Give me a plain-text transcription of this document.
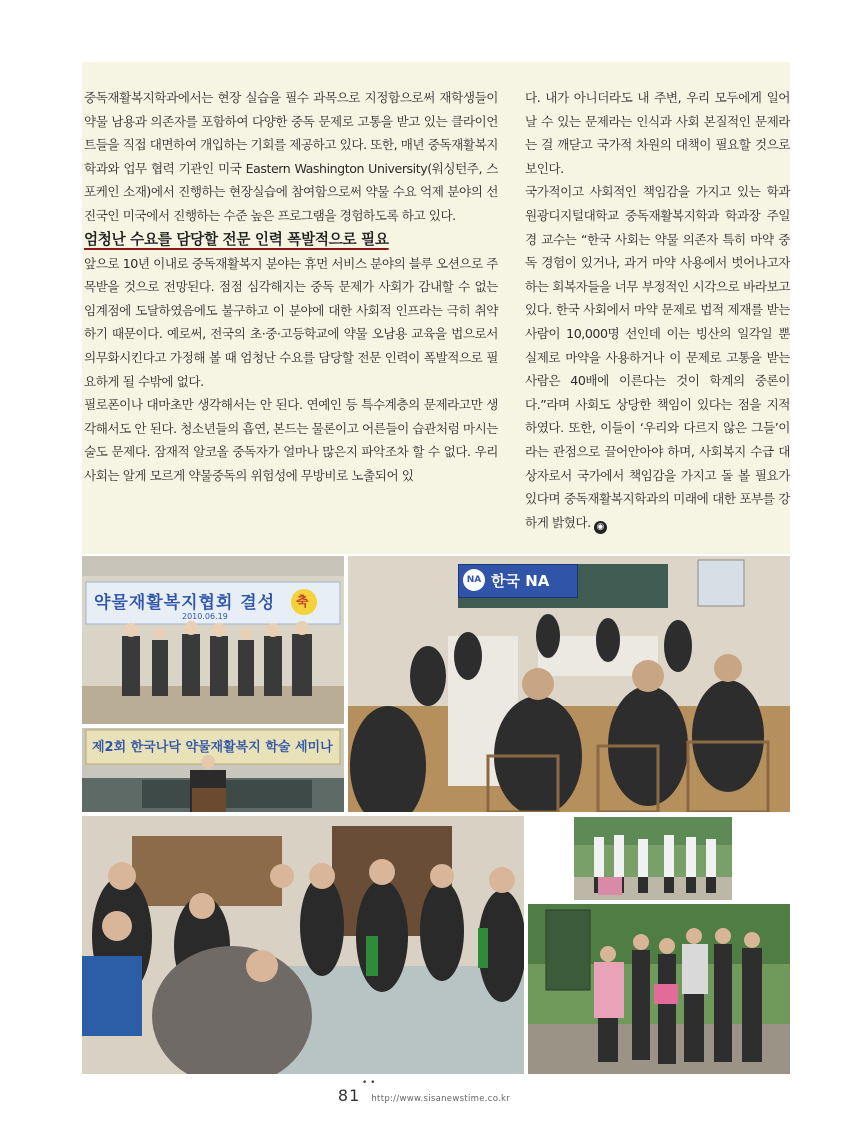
중독재활복지학과에서는 현장 실습을 필수 과목으로 지정함으로써 재학생들이 약물 남용과 의존자를 포함하여 다양한 중독 문제로 고통을 받고 있는 클라이언트들을 직접 대면하여 개입하는 기회를 제공하고 있다. 또한, 매년 중독재활복지학과와 업무 협력 기관인 미국 Eastern Washington University(워싱턴주, 스포케인 소재)에서 진행하는 현장실습에 참여함으로써 약물 수요 억제 분야의 선진국인 미국에서 진행하는 수준 높은 프로그램을 경험하도록 하고 있다.

엄청난 수요를 담당할 전문 인력 폭발적으로 필요

앞으로 10년 이내로 중독재활복지 분야는 휴먼 서비스 분야의 블루 오션으로 주목받을 것으로 전망된다. 점점 심각해지는 중독 문제가 사회가 감내할 수 없는 임계점에 도달하였음에도 불구하고 이 분야에 대한 사회적 인프라는 극히 취약하기 때문이다. 예로써, 전국의 초·중·고등학교에 약물 오남용 교육을 법으로서 의무화시킨다고 가정해 볼 때 엄청난 수요를 담당할 전문 인력이 폭발적으로 필요하게 될 수밖에 없다.

필로폰이나 대마초만 생각해서는 안 된다. 연예인 등 특수계층의 문제라고만 생각해서도 안 된다. 청소년들의 흡연, 본드는 물론이고 어른들이 습관처럼 마시는 술도 문제다. 잠재적 알코올 중독자가 얼마나 많은지 파악조차 할 수 없다. 우리 사회는 알게 모르게 약물중독의 위험성에 무방비로 노출되어 있

다. 내가 아니더라도 내 주변, 우리 모두에게 일어날 수 있는 문제라는 인식과 사회 본질적인 문제라는 걸 깨닫고 국가적 차원의 대책이 필요할 것으로 보인다.

국가적이고 사회적인 책임감을 가지고 있는 학과 원광디지털대학교 중독재활복지학과 학과장 주일경 교수는 “한국 사회는 약물 의존자 특히 마약 중독 경험이 있거나, 과거 마약 사용에서 벗어나고자 하는 회복자들을 너무 부정적인 시각으로 바라보고 있다. 한국 사회에서 마약 문제로 법적 제재를 받는 사람이 10,000명 선인데 이는 빙산의 일각일 뿐 실제로 마약을 사용하거나 이 문제로 고통을 받는 사람은 40배에 이른다는 것이 학계의 중론이다.”라며 사회도 상당한 책임이 있다는 점을 지적하였다. 또한, 이들이 ‘우리와 다르지 않은 그들’이라는 관점으로 끌어안아야 하며, 사회복지 수급 대상자로서 국가에서 책임감을 가지고 돌 볼 필요가 있다며 중독재활복지학과의 미래에 대한 포부를 강하게 밝혔다. ◉

약물재활복지협회 결성 축
2010.06.19
제2회 한국나닥 약물재활복지 학술 세미나
NA 한국 NA
• •
81 http://www.sisanewstime.co.kr
